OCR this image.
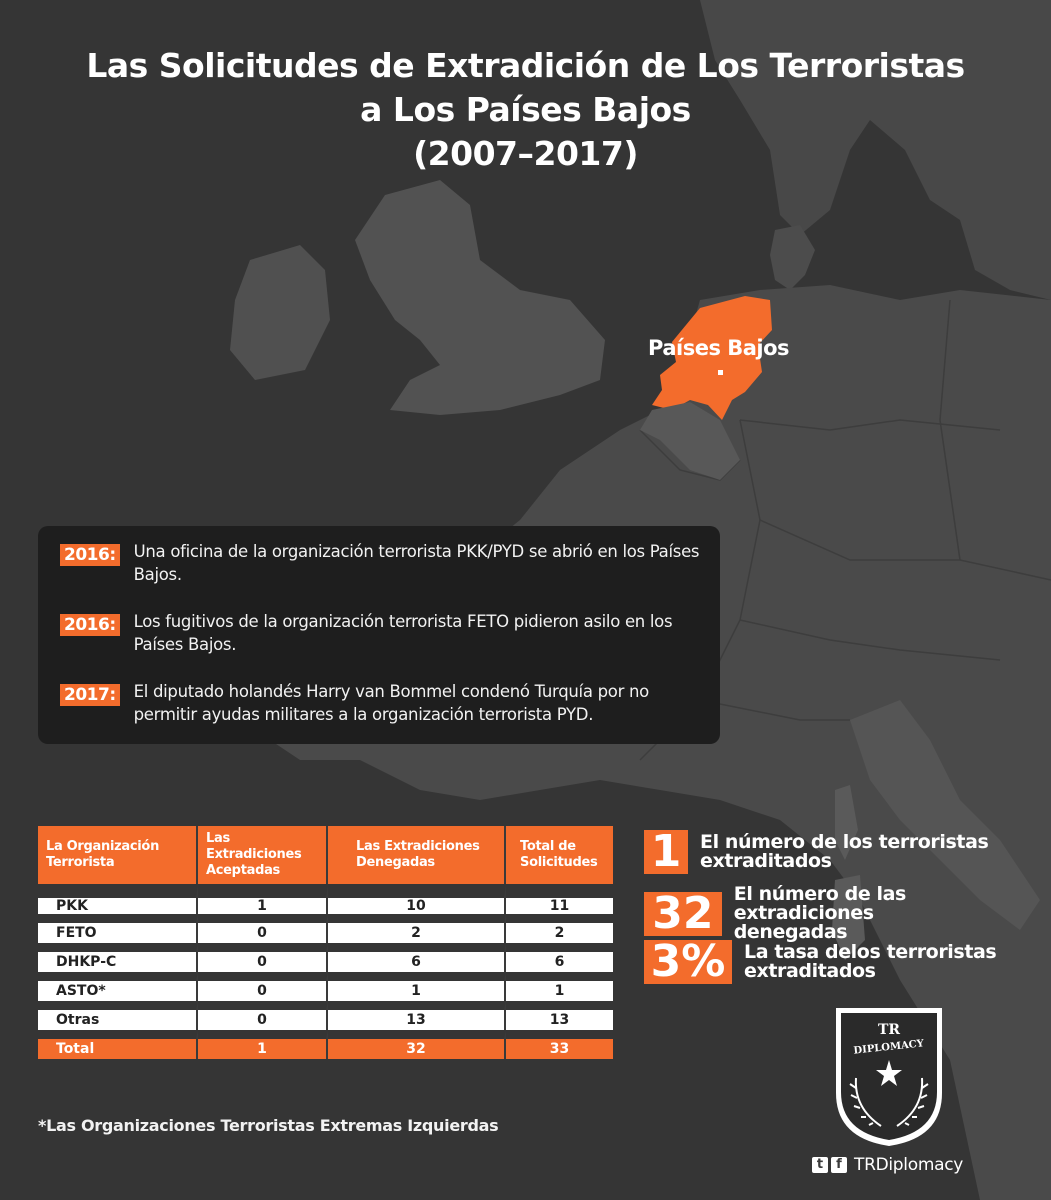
Las Solicitudes de Extradición de Los Terroristas
a Los Países Bajos
(2007–2017)
Países Bajos
2016: Una oficina de la organización terrorista PKK/PYD se abrió en los Países Bajos.
2016: Los fugitivos de la organización terrorista FETO pidieron asilo en los Países Bajos.
2017: El diputado holandés Harry van Bommel condenó Turquía por no permitir ayudas militares a la organización terrorista PYD.
La Organización Terrorista	Las Extradiciones Aceptadas	Las Extradiciones Denegadas	Total de Solicitudes
PKK	1	10	11
FETO	0	2	2
DHKP-C	0	6	6
ASTO*	0	1	1
Otras	0	13	13
Total	1	32	33
*Las Organizaciones Terroristas Extremas Izquierdas
1 El número de los terroristas
extraditados
32	El número de las extradiciones
denegadas
3% La tasa delos terroristas
extraditados
TR
DIPLOMACY
t	f TRDiplomacy
